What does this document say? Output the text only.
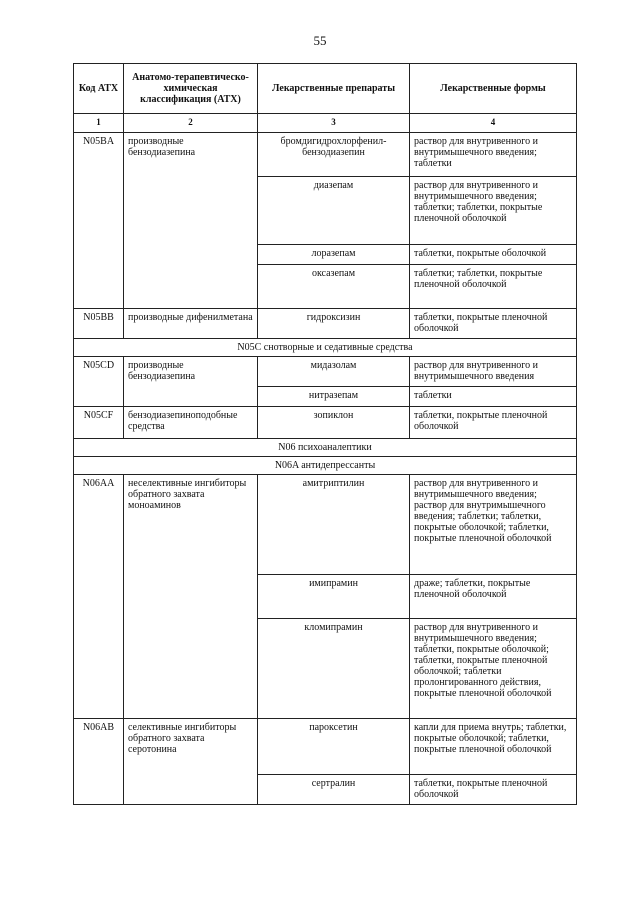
55
Код АТХ	Анатомо-терапевтическо-химическая классификация (АТХ)	Лекарственные препараты	Лекарственные формы
1	2	3	4
N05BA	производные бензодиазепина	бромдигидрохлорфенил-бензодиазепин	раствор для внутривенного и внутримышечного введения; таблетки
		диазепам	раствор для внутривенного и внутримышечного введения; таблетки; таблетки, покрытые пленочной оболочкой
		лоразепам	таблетки, покрытые оболочкой
		оксазепам	таблетки; таблетки, покрытые пленочной оболочкой
N05BB	производные дифенилметана	гидроксизин	таблетки, покрытые пленочной оболочкой
N05C снотворные и седативные средства			
N05CD	производные бензодиазепина	мидазолам	раствор для внутривенного и внутримышечного введения
		нитразепам	таблетки
N05CF	бензодиазепиноподобные средства	зопиклон	таблетки, покрытые пленочной оболочкой
N06 психоаналептики			
N06A антидепрессанты			
N06AA	неселективные ингибиторы обратного захвата моноаминов	амитриптилин	раствор для внутривенного и внутримышечного введения; раствор для внутримышечного введения; таблетки; таблетки, покрытые оболочкой; таблетки, покрытые пленочной оболочкой
		имипрамин	драже; таблетки, покрытые пленочной оболочкой
		кломипрамин	раствор для внутривенного и внутримышечного введения; таблетки, покрытые оболочкой; таблетки, покрытые пленочной оболочкой; таблетки пролонгированного действия, покрытые пленочной оболочкой
N06AB	селективные ингибиторы обратного захвата серотонина	пароксетин	капли для приема внутрь; таблетки, покрытые оболочкой; таблетки, покрытые пленочной оболочкой
		сертралин	таблетки, покрытые пленочной оболочкой
